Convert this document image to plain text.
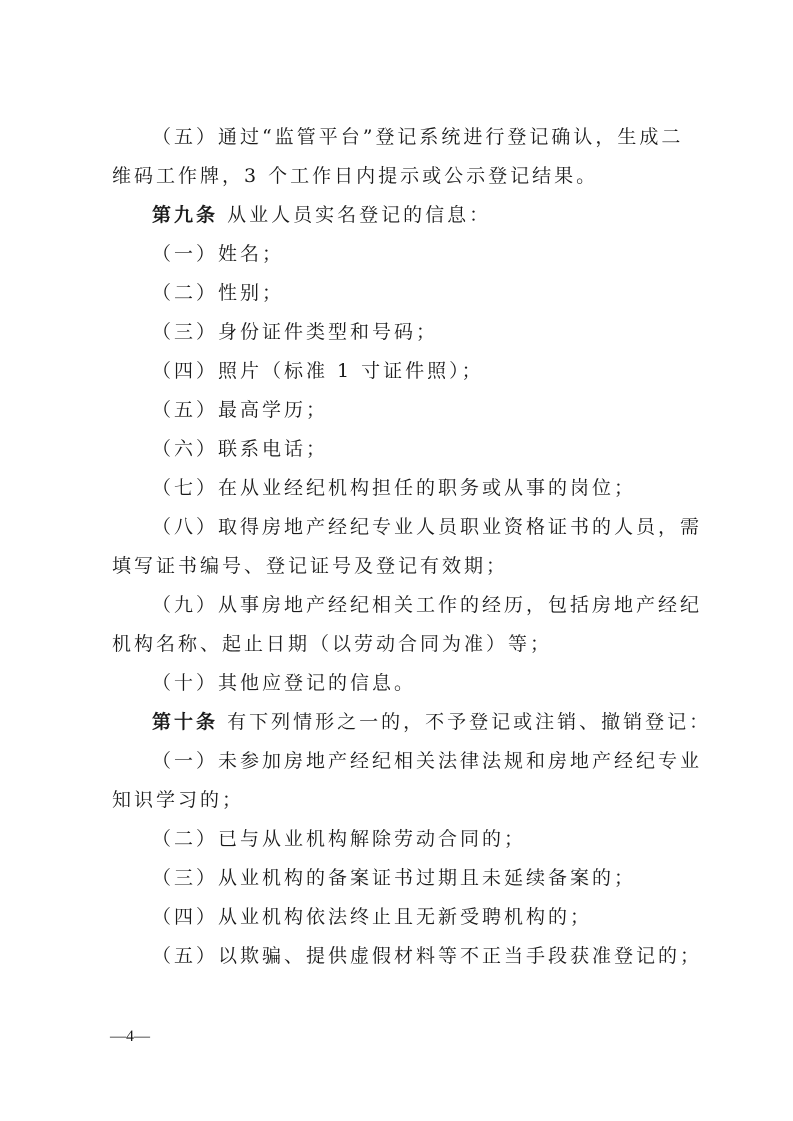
（五）通过“监管平台”登记系统进行登记确认，生成二

维码工作牌，3 个工作日内提示或公示登记结果。

第九条 从业人员实名登记的信息：

（一）姓名；

（二）性别；

（三）身份证件类型和号码；

（四）照片（标准 1 寸证件照）；

（五）最高学历；

（六）联系电话；

（七）在从业经纪机构担任的职务或从事的岗位；

（八）取得房地产经纪专业人员职业资格证书的人员，需

填写证书编号、登记证号及登记有效期；

（九）从事房地产经纪相关工作的经历，包括房地产经纪

机构名称、起止日期（以劳动合同为准）等；

（十）其他应登记的信息。

第十条 有下列情形之一的，不予登记或注销、撤销登记：

（一）未参加房地产经纪相关法律法规和房地产经纪专业

知识学习的；

（二）已与从业机构解除劳动合同的；

（三）从业机构的备案证书过期且未延续备案的；

（四）从业机构依法终止且无新受聘机构的；

（五）以欺骗、提供虚假材料等不正当手段获准登记的；

—4—
